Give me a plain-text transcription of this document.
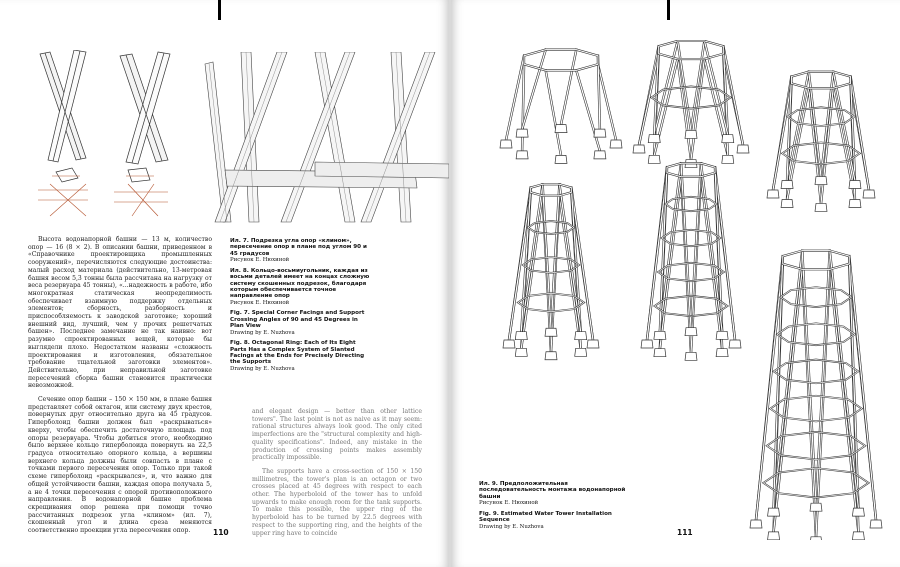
Высота водонапорной башни — 13 м, количество опор — 16 (8 × 2). В описании башни, приведенном в «Справочнике проектировщика промышленных сооружений», перечисляются следующие достоинства: малый расход материала (действительно, 13-метровая башня весом 5,3 тонны была рассчитана на нагрузку от веса резервуара 45 тонны), «...надежность в работе, ибо многократная статическая неопределимость обеспечивает взаимную поддержку отдельных элементов; сборность, разборность и приспособляемость к заводской заготовке; хороший внешний вид, лучший, чем у прочих решетчатых башен». Последнее замечание не так наивно: вот разумно спроектированных вещей, которые бы выглядели плохо. Недостатком названы «сложность проектирования и изготовления, обязательное требование тщательной заготовки элементов». Действительно, при неправильной заготовке пересечений сборка башни становится практически невозможной.

Сечение опор башни – 150 × 150 мм, в плане башня представляет собой октагон, или систему двух крестов, повернутых друг относительно друга на 45 градусов. Гиперболоид башни должен был «раскрываться» кверху, чтобы обеспечить достаточную площадь под опоры резервуара. Чтобы добиться этого, необходимо было верхнее кольцо гиперболоида повернуть на 22,5 градуса относительно опорного кольца, а вершины верхнего кольца должны были совпасть в плане с точками первого пересечения опор. Только при такой схеме гиперболоид «раскрывался», и, что важно для общей устойчивости башни, каждая опора получала 5, а не 4 точки пересечения с опорой противоположного направления. В водонапорной башне проблема скрещивания опор решена при помощи точно рассчитанных подрезок угла «клином» (ил. 7), скошенный угол и длина среза меняются соответственно проекции угла пересечения опор.

Ил. 7. Подрезка угла опор «клином», пересечение опор в плане под углом 90 и 45 градусов

Рисунок Е. Нюхиной

Ил. 8. Кольцо-восьмиугольник, каждая из восьми деталей имеет на концах сложную систему скошенных подрезок, благодаря которым обеспечивается точное направление опор

Рисунок Е. Нюхиной

Fig. 7. Special Corner Facings and Support Crossing Angles of 90 and 45 Degrees in Plan View

Drawing by E. Nuzhova

Fig. 8. Octagonal Ring: Each of Its Eight Parts Has a Complex System of Slanted Facings at the Ends for Precisely Directing the Supports

Drawing by E. Nuzhova

and elegant design — better than other lattice towers". The last point is not as naive as it may seem: rational structures always look good. The only cited imperfections are the "structural complexity and high-quality specifications". Indeed, any mistake in the production of crossing points makes assembly practically impossible.

The supports have a cross-section of 150 × 150 millimetres, the tower's plan is an octagon or two crosses placed at 45 degrees with respect to each other. The hyperboloid of the tower has to unfold upwards to make enough room for the tank supports. To make this possible, the upper ring of the hyperboloid has to be turned by 22.5 degrees with respect to the supporting ring, and the heights of the upper ring have to coincide

110

Ил. 9. Предположительная последовательность монтажа водонапорной башни

Рисунок Е. Нюхиной

Fig. 9. Estimated Water Tower Installation Sequence

Drawing by E. Nuzhova

111
